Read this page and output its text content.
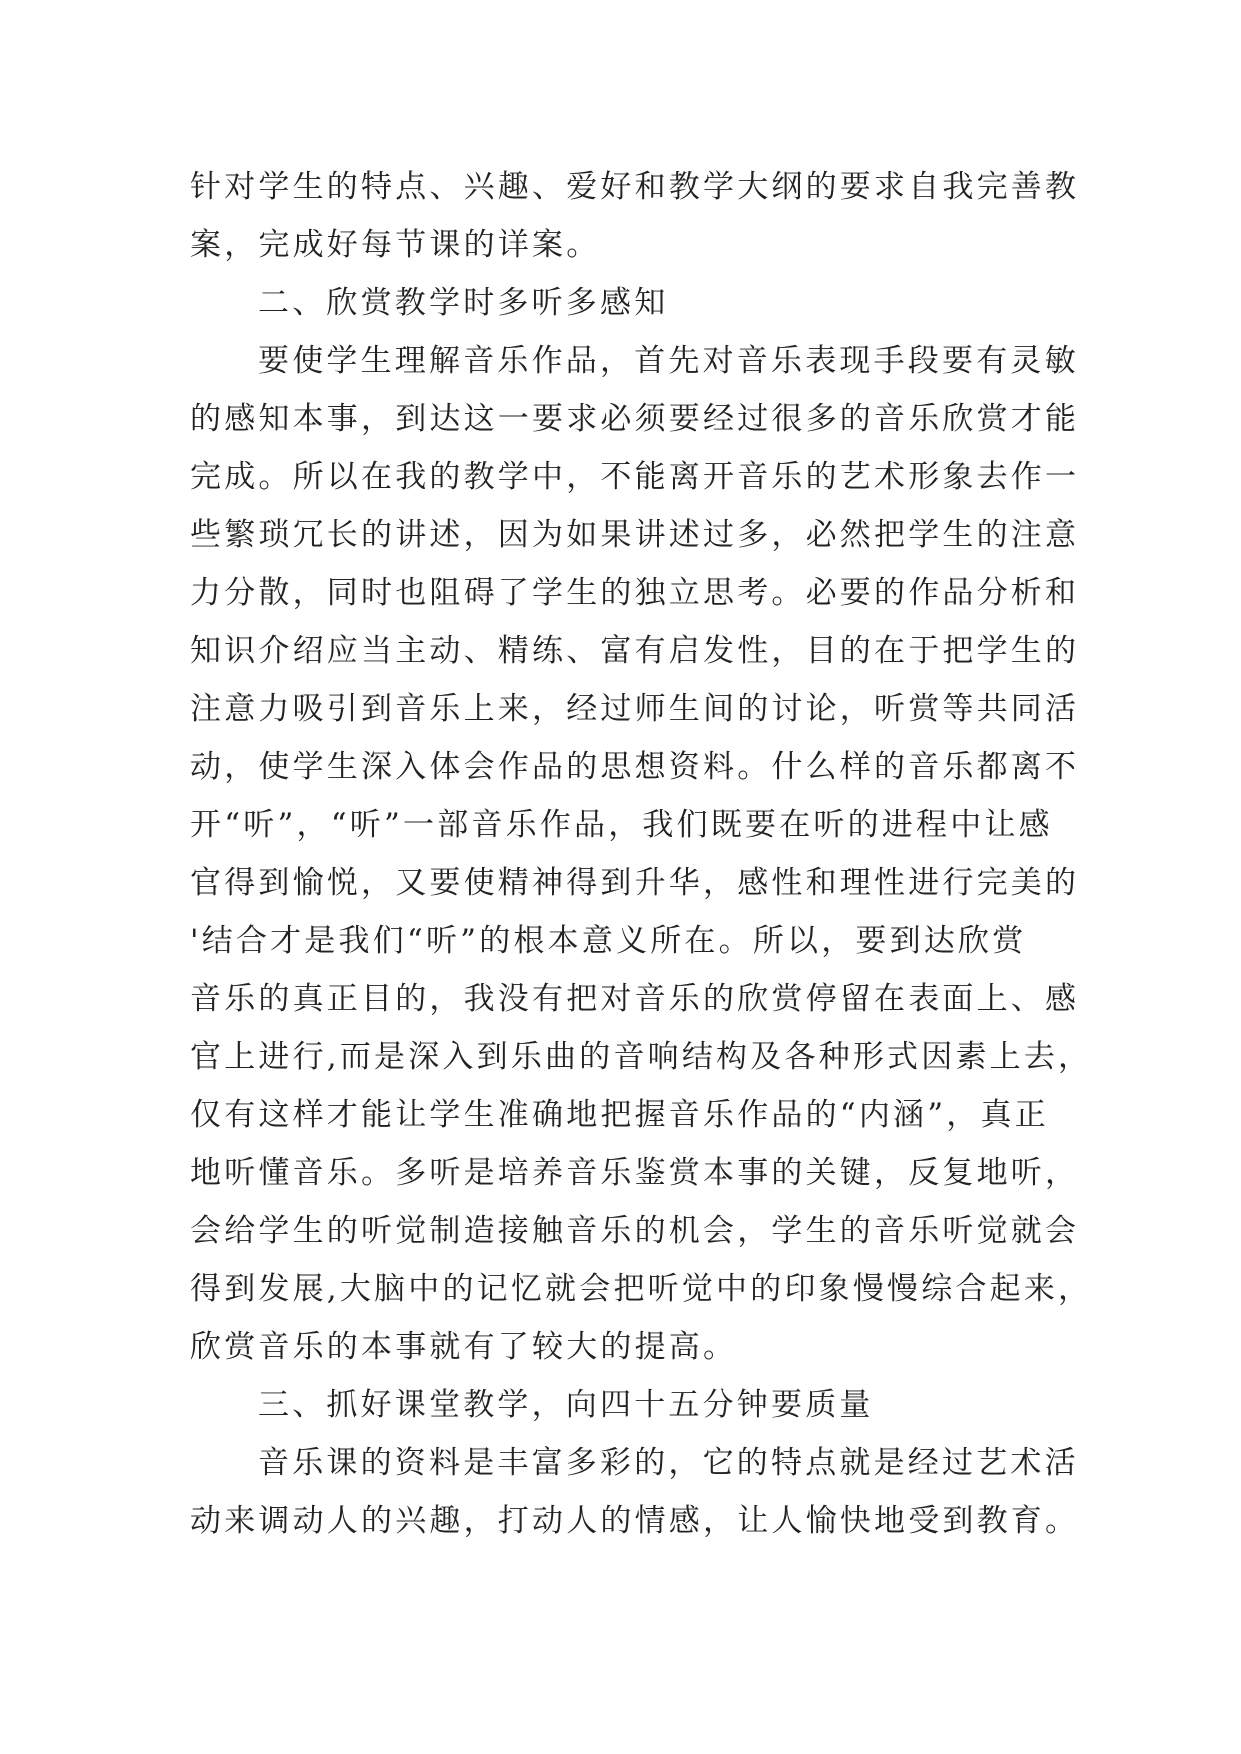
针对学生的特点、兴趣、爱好和教学大纲的要求自我完善教
案，完成好每节课的详案。
二、欣赏教学时多听多感知
要使学生理解音乐作品，首先对音乐表现手段要有灵敏
的感知本事，到达这一要求必须要经过很多的音乐欣赏才能
完成。所以在我的教学中，不能离开音乐的艺术形象去作一
些繁琐冗长的讲述，因为如果讲述过多，必然把学生的注意
力分散，同时也阻碍了学生的独立思考。必要的作品分析和
知识介绍应当主动、精练、富有启发性，目的在于把学生的
注意力吸引到音乐上来，经过师生间的讨论，听赏等共同活
动，使学生深入体会作品的思想资料。什么样的音乐都离不
开“听”，“听”一部音乐作品，我们既要在听的进程中让感
官得到愉悦，又要使精神得到升华，感性和理性进行完美的
'结合才是我们“听”的根本意义所在。所以，要到达欣赏
音乐的真正目的，我没有把对音乐的欣赏停留在表面上、感
官上进行,而是深入到乐曲的音响结构及各种形式因素上去，
仅有这样才能让学生准确地把握音乐作品的“内涵”，真正
地听懂音乐。多听是培养音乐鉴赏本事的关键，反复地听，
会给学生的听觉制造接触音乐的机会，学生的音乐听觉就会
得到发展,大脑中的记忆就会把听觉中的印象慢慢综合起来，
欣赏音乐的本事就有了较大的提高。
三、抓好课堂教学，向四十五分钟要质量
音乐课的资料是丰富多彩的，它的特点就是经过艺术活
动来调动人的兴趣，打动人的情感，让人愉快地受到教育。
